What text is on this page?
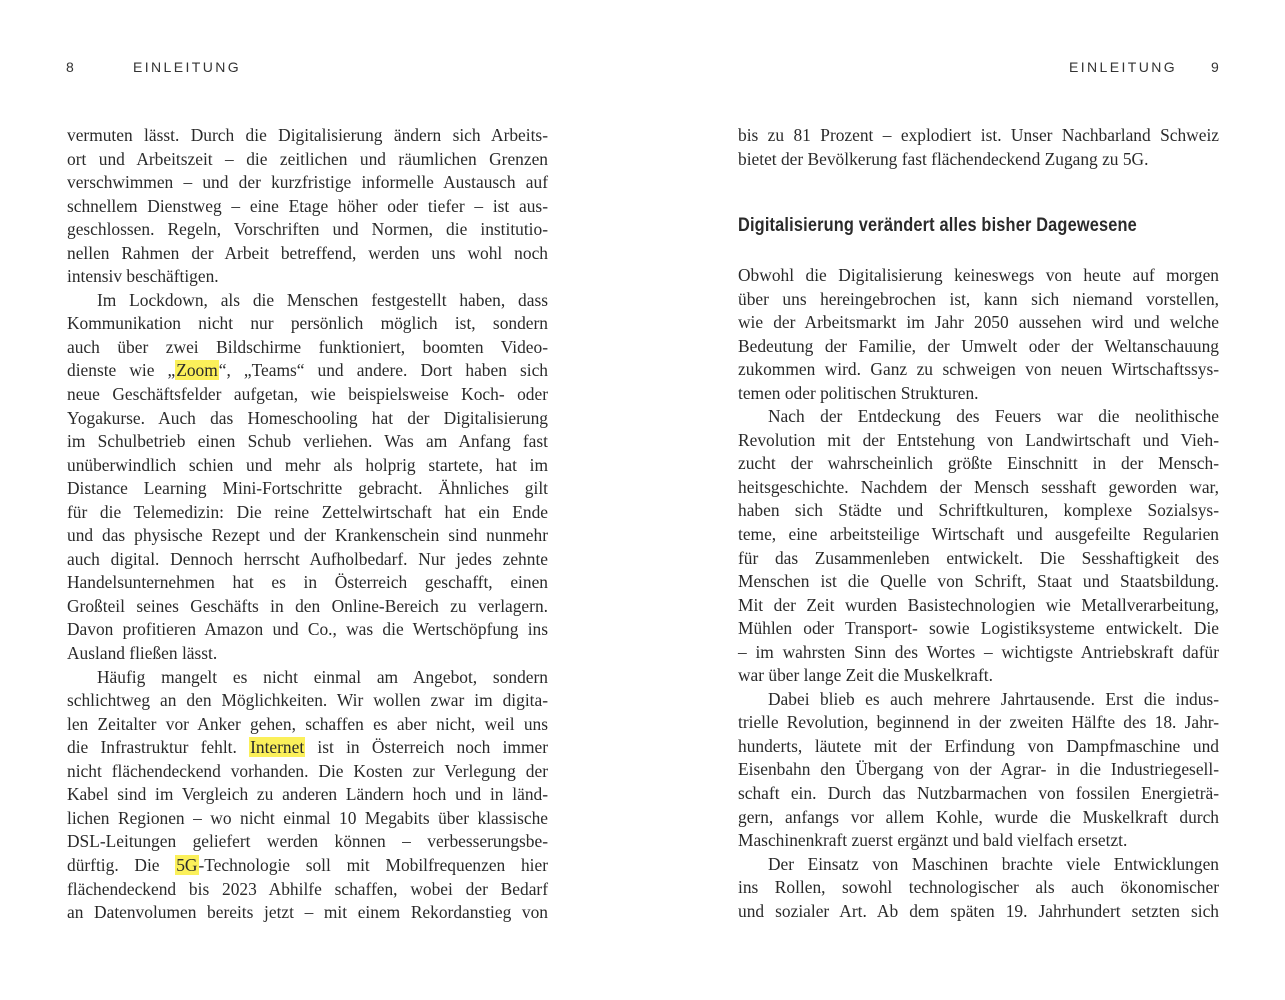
8	EINLEITUNG
vermuten lässt. Durch die Digitalisierung ändern sich Arbeits-
ort und Arbeitszeit – die zeitlichen und räumlichen Grenzen
verschwimmen – und der kurzfristige informelle Austausch auf
schnellem Dienstweg – eine Etage höher oder tiefer – ist aus-
geschlossen. Regeln, Vorschriften und Normen, die institutio-
nellen Rahmen der Arbeit betreffend, werden uns wohl noch
intensiv beschäftigen.
Im Lockdown, als die Menschen festgestellt haben, dass
Kommunikation nicht nur persönlich möglich ist, sondern
auch über zwei Bildschirme funktioniert, boomten Video-
dienste wie „Zoom“, „Teams“ und andere. Dort haben sich
neue Geschäftsfelder aufgetan, wie beispielsweise Koch- oder
Yogakurse. Auch das Homeschooling hat der Digitalisierung
im Schulbetrieb einen Schub verliehen. Was am Anfang fast
unüberwindlich schien und mehr als holprig startete, hat im
Distance Learning Mini-Fortschritte gebracht. Ähnliches gilt
für die Telemedizin: Die reine Zettelwirtschaft hat ein Ende
und das physische Rezept und der Krankenschein sind nunmehr
auch digital. Dennoch herrscht Aufholbedarf. Nur jedes zehnte
Handelsunternehmen hat es in Österreich geschafft, einen
Großteil seines Geschäfts in den Online-Bereich zu verlagern.
Davon profitieren Amazon und Co., was die Wertschöpfung ins
Ausland fließen lässt.
Häufig mangelt es nicht einmal am Angebot, sondern
schlichtweg an den Möglichkeiten. Wir wollen zwar im digita-
len Zeitalter vor Anker gehen, schaffen es aber nicht, weil uns
die Infrastruktur fehlt. Internet ist in Österreich noch immer
nicht flächendeckend vorhanden. Die Kosten zur Verlegung der
Kabel sind im Vergleich zu anderen Ländern hoch und in länd-
lichen Regionen – wo nicht einmal 10 Megabits über klassische
DSL-Leitungen geliefert werden können – verbesserungsbe-
dürftig. Die 5G-Technologie soll mit Mobilfrequenzen hier
flächendeckend bis 2023 Abhilfe schaffen, wobei der Bedarf
an Datenvolumen bereits jetzt – mit einem Rekordanstieg von
EINLEITUNG 9
bis zu 81 Prozent – explodiert ist. Unser Nachbarland Schweiz
bietet der Bevölkerung fast flächendeckend Zugang zu 5G.
Digitalisierung verändert alles bisher Dagewesene
Obwohl die Digitalisierung keineswegs von heute auf morgen
über uns hereingebrochen ist, kann sich niemand vorstellen,
wie der Arbeitsmarkt im Jahr 2050 aussehen wird und welche
Bedeutung der Familie, der Umwelt oder der Weltanschauung
zukommen wird. Ganz zu schweigen von neuen Wirtschaftssys-
temen oder politischen Strukturen.
Nach der Entdeckung des Feuers war die neolithische
Revolution mit der Entstehung von Landwirtschaft und Vieh-
zucht der wahrscheinlich größte Einschnitt in der Mensch-
heitsgeschichte. Nachdem der Mensch sesshaft geworden war,
haben sich Städte und Schriftkulturen, komplexe Sozialsys-
teme, eine arbeitsteilige Wirtschaft und ausgefeilte Regularien
für das Zusammenleben entwickelt. Die Sesshaftigkeit des
Menschen ist die Quelle von Schrift, Staat und Staatsbildung.
Mit der Zeit wurden Basistechnologien wie Metallverarbeitung,
Mühlen oder Transport- sowie Logistiksysteme entwickelt. Die
– im wahrsten Sinn des Wortes – wichtigste Antriebskraft dafür
war über lange Zeit die Muskelkraft.
Dabei blieb es auch mehrere Jahrtausende. Erst die indus-
trielle Revolution, beginnend in der zweiten Hälfte des 18. Jahr-
hunderts, läutete mit der Erfindung von Dampfmaschine und
Eisenbahn den Übergang von der Agrar- in die Industriegesell-
schaft ein. Durch das Nutzbarmachen von fossilen Energieträ-
gern, anfangs vor allem Kohle, wurde die Muskelkraft durch
Maschinenkraft zuerst ergänzt und bald vielfach ersetzt.
Der Einsatz von Maschinen brachte viele Entwicklungen
ins Rollen, sowohl technologischer als auch ökonomischer
und sozialer Art. Ab dem späten 19. Jahrhundert setzten sich
